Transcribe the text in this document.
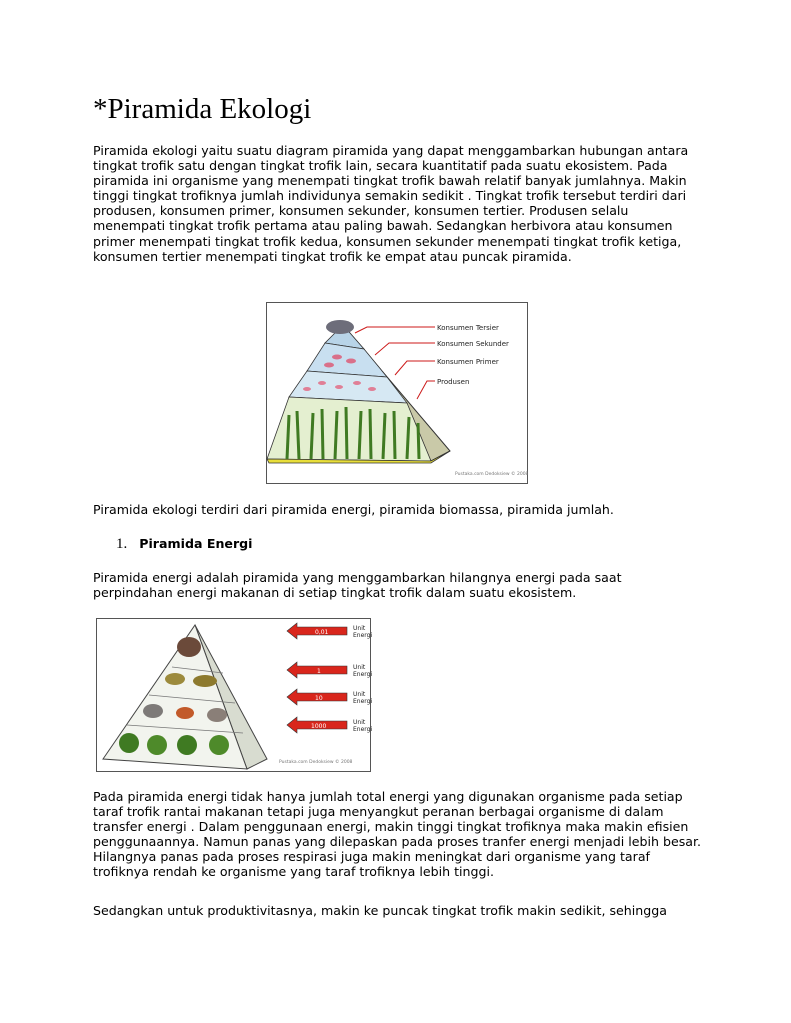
*Piramida Ekologi

Piramida ekologi yaitu suatu diagram piramida yang dapat menggambarkan hubungan antara tingkat trofik satu dengan tingkat trofik lain, secara kuantitatif pada suatu ekosistem. Pada piramida ini organisme yang menempati tingkat trofik bawah relatif banyak jumlahnya. Makin tinggi tingkat trofiknya jumlah individunya semakin sedikit . Tingkat trofik tersebut terdiri dari produsen, konsumen primer, konsumen sekunder, konsumen tertier. Produsen selalu menempati tingkat trofik pertama atau paling bawah. Sedangkan herbivora atau konsumen primer menempati tingkat trofik kedua, konsumen sekunder menempati tingkat trofik ketiga, konsumen tertier menempati tingkat trofik ke empat atau puncak piramida.

Konsumen Tersier
Konsumen Sekunder
Konsumen Primer
Produsen
Pustaka.com Dedoksiew © 2008

Piramida ekologi terdiri dari piramida energi, piramida biomassa, piramida jumlah.

1. Piramida Energi

Piramida energi adalah piramida yang menggambarkan hilangnya energi pada saat perpindahan energi makanan di setiap tingkat trofik dalam suatu ekosistem.

0,01
Unit
Energi
1
Unit
Energi
10
Unit
Energi
1000
Unit
Energi
Pustaka.com Dedoksiew © 2008

Pada piramida energi tidak hanya jumlah total energi yang digunakan organisme pada setiap taraf trofik rantai makanan tetapi juga menyangkut peranan berbagai organisme di dalam transfer energi . Dalam penggunaan energi, makin tinggi tingkat trofiknya maka makin efisien penggunaannya. Namun panas yang dilepaskan pada proses tranfer energi menjadi lebih besar. Hilangnya panas pada proses respirasi juga makin meningkat dari organisme yang taraf trofiknya rendah ke organisme yang taraf trofiknya lebih tinggi.

Sedangkan untuk produktivitasnya, makin ke puncak tingkat trofik makin sedikit, sehingga
